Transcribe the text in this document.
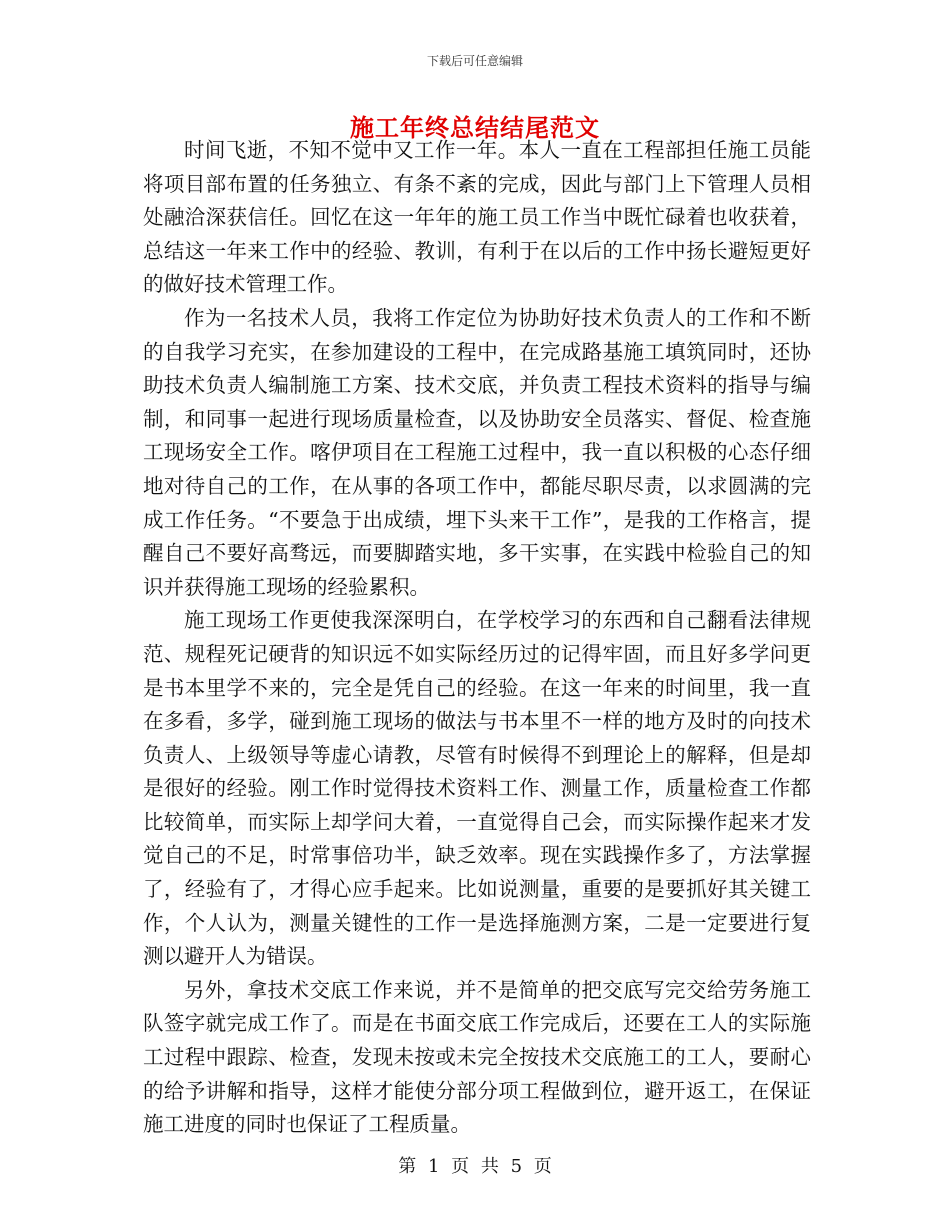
下载后可任意编辑
施工年终总结结尾范文

时间飞逝，不知不觉中又工作一年。本人一直在工程部担任施工员能将项目部布置的任务独立、有条不紊的完成，因此与部门上下管理人员相处融洽深获信任。回忆在这一年年的施工员工作当中既忙碌着也收获着，总结这一年来工作中的经验、教训，有利于在以后的工作中扬长避短更好的做好技术管理工作。

作为一名技术人员，我将工作定位为协助好技术负责人的工作和不断的自我学习充实，在参加建设的工程中，在完成路基施工填筑同时，还协助技术负责人编制施工方案、技术交底，并负责工程技术资料的指导与编制，和同事一起进行现场质量检查，以及协助安全员落实、督促、检查施工现场安全工作。喀伊项目在工程施工过程中，我一直以积极的心态仔细地对待自己的工作，在从事的各项工作中，都能尽职尽责，以求圆满的完成工作任务。“不要急于出成绩，埋下头来干工作”，是我的工作格言，提醒自己不要好高骛远，而要脚踏实地，多干实事，在实践中检验自己的知识并获得施工现场的经验累积。

施工现场工作更使我深深明白，在学校学习的东西和自己翻看法律规范、规程死记硬背的知识远不如实际经历过的记得牢固，而且好多学问更是书本里学不来的，完全是凭自己的经验。在这一年来的时间里，我一直在多看，多学，碰到施工现场的做法与书本里不一样的地方及时的向技术负责人、上级领导等虚心请教，尽管有时候得不到理论上的解释，但是却是很好的经验。刚工作时觉得技术资料工作、测量工作，质量检查工作都比较简单，而实际上却学问大着，一直觉得自己会，而实际操作起来才发觉自己的不足，时常事倍功半，缺乏效率。现在实践操作多了，方法掌握了，经验有了，才得心应手起来。比如说测量，重要的是要抓好其关键工作，个人认为，测量关键性的工作一是选择施测方案，二是一定要进行复测以避开人为错误。

另外，拿技术交底工作来说，并不是简单的把交底写完交给劳务施工队签字就完成工作了。而是在书面交底工作完成后，还要在工人的实际施工过程中跟踪、检查，发现未按或未完全按技术交底施工的工人，要耐心的给予讲解和指导，这样才能使分部分项工程做到位，避开返工，在保证施工进度的同时也保证了工程质量。

第 1 页 共 5 页
